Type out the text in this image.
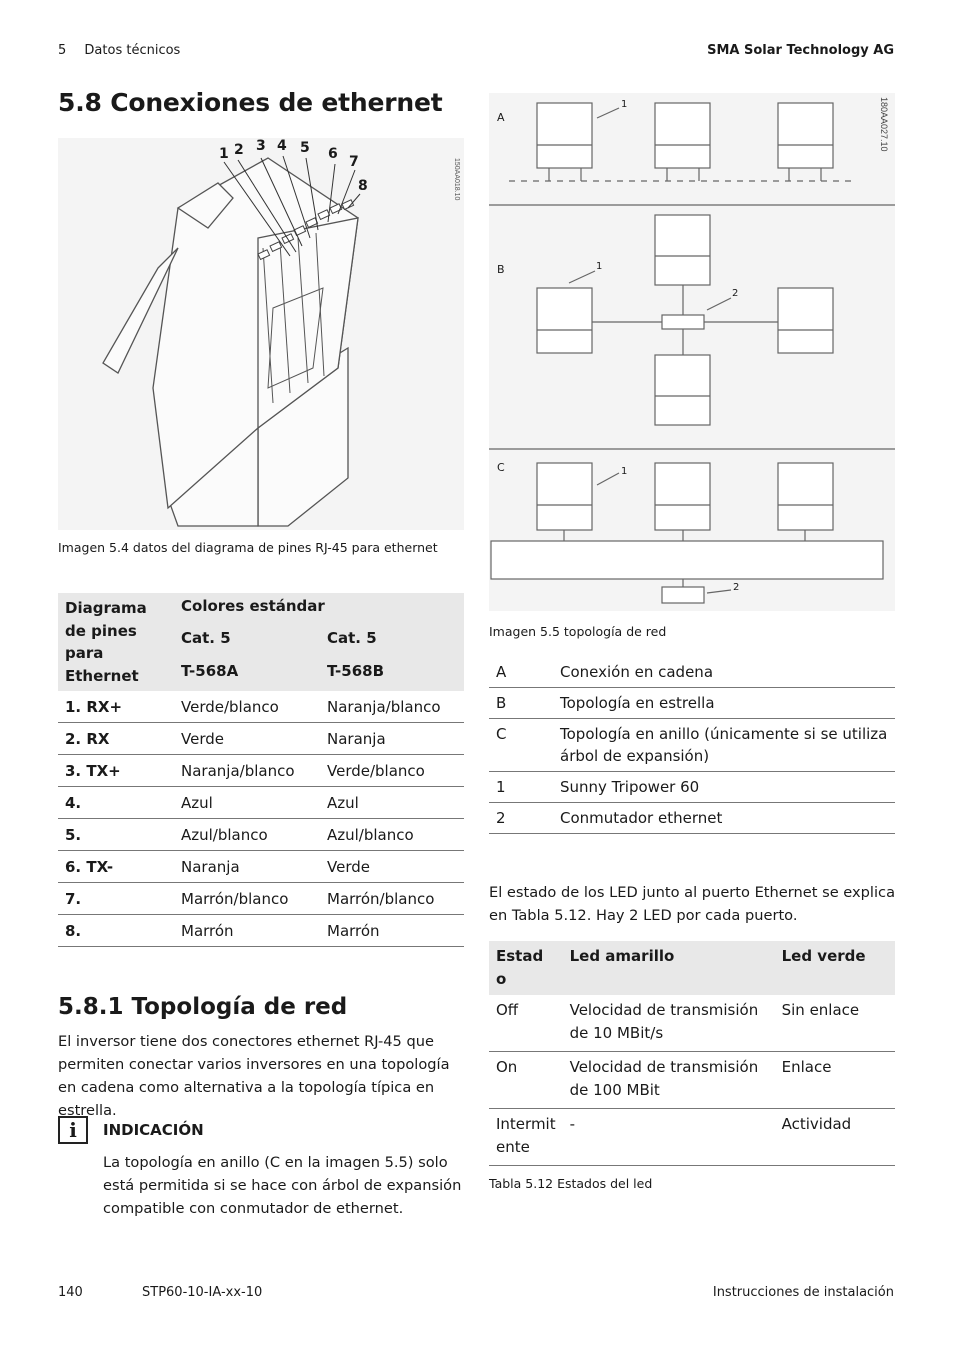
5 Datos técnicos	SMA Solar Technology AG
5.8 Conexiones de ethernet
150AA018.10
1 2 3 4 5 6 7
8
Imagen 5.4 datos del diagrama de pines RJ-45 para ethernet
Diagrama de pines para Ethernet	Colores estándar	
	Cat. 5	Cat. 5
	T-568A	T-568B
1. RX+	Verde/blanco	Naranja/blanco
2. RX	Verde	Naranja
3. TX+	Naranja/blanco	Verde/blanco
4.	Azul	Azul
5.	Azul/blanco	Azul/blanco
6. TX-	Naranja	Verde
7.	Marrón/blanco	Marrón/blanco
8.	Marrón	Marrón
5.8.1 Topología de red
El inversor tiene dos conectores ethernet RJ-45 que permiten conectar varios inversores en una topología en cadena como alternativa a la topología típica en estrella.
i	INDICACIÓN
La topología en anillo (C en la imagen 5.5) solo está permitida si se hace con árbol de expansión compatible con conmutador de ethernet.
180AA027.10
A
B
C
1
1
2
1
2
Imagen 5.5 topología de red
A	Conexión en cadena
B	Topología en estrella
C	Topología en anillo (únicamente si se utiliza árbol de expansión)
1	Sunny Tripower 60
2	Conmutador ethernet
El estado de los LED junto al puerto Ethernet se explica en Tabla 5.12. Hay 2 LED por cada puerto.
Estad o	Led amarillo	Led verde
Off	Velocidad de transmisión de 10 MBit/s	Sin enlace
On	Velocidad de transmisión de 100 MBit	Enlace
Intermit ente	-	Actividad
Tabla 5.12 Estados del led
140	STP60-10-IA-xx-10	Instrucciones de instalación
